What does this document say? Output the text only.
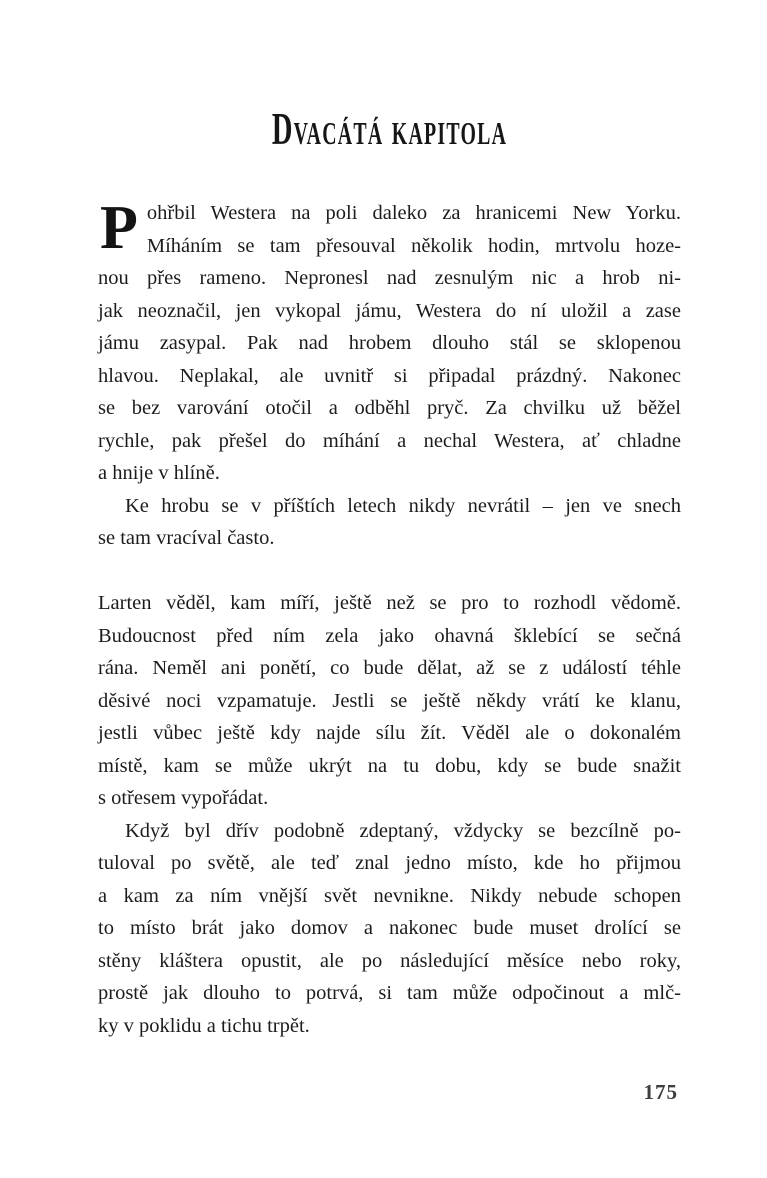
Dvacátá kapitola
P ohřbil Westera na poli daleko za hranicemi New Yorku.
Míháním se tam přesouval několik hodin, mrtvolu hoze-
nou přes rameno. Nepronesl nad zesnulým nic a hrob ni-
jak neoznačil, jen vykopal jámu, Westera do ní uložil a zase
jámu zasypal. Pak nad hrobem dlouho stál se sklopenou
hlavou. Neplakal, ale uvnitř si připadal prázdný. Nakonec
se bez varování otočil a odběhl pryč. Za chvilku už běžel
rychle, pak přešel do míhání a nechal Westera, ať chladne
a hnije v hlíně.
Ke hrobu se v příštích letech nikdy nevrátil – jen ve snech
se tam vracíval často.
Larten věděl, kam míří, ještě než se pro to rozhodl vědomě.
Budoucnost před ním zela jako ohavná šklebící se sečná
rána. Neměl ani ponětí, co bude dělat, až se z událostí téhle
děsivé noci vzpamatuje. Jestli se ještě někdy vrátí ke klanu,
jestli vůbec ještě kdy najde sílu žít. Věděl ale o dokonalém
místě, kam se může ukrýt na tu dobu, kdy se bude snažit
s otřesem vypořádat.
Když byl dřív podobně zdeptaný, vždycky se bezcílně po-
tuloval po světě, ale teď znal jedno místo, kde ho přijmou
a kam za ním vnější svět nevnikne. Nikdy nebude schopen
to místo brát jako domov a nakonec bude muset drolící se
stěny kláštera opustit, ale po následující měsíce nebo roky,
prostě jak dlouho to potrvá, si tam může odpočinout a mlč-
ky v poklidu a tichu trpět.
175
